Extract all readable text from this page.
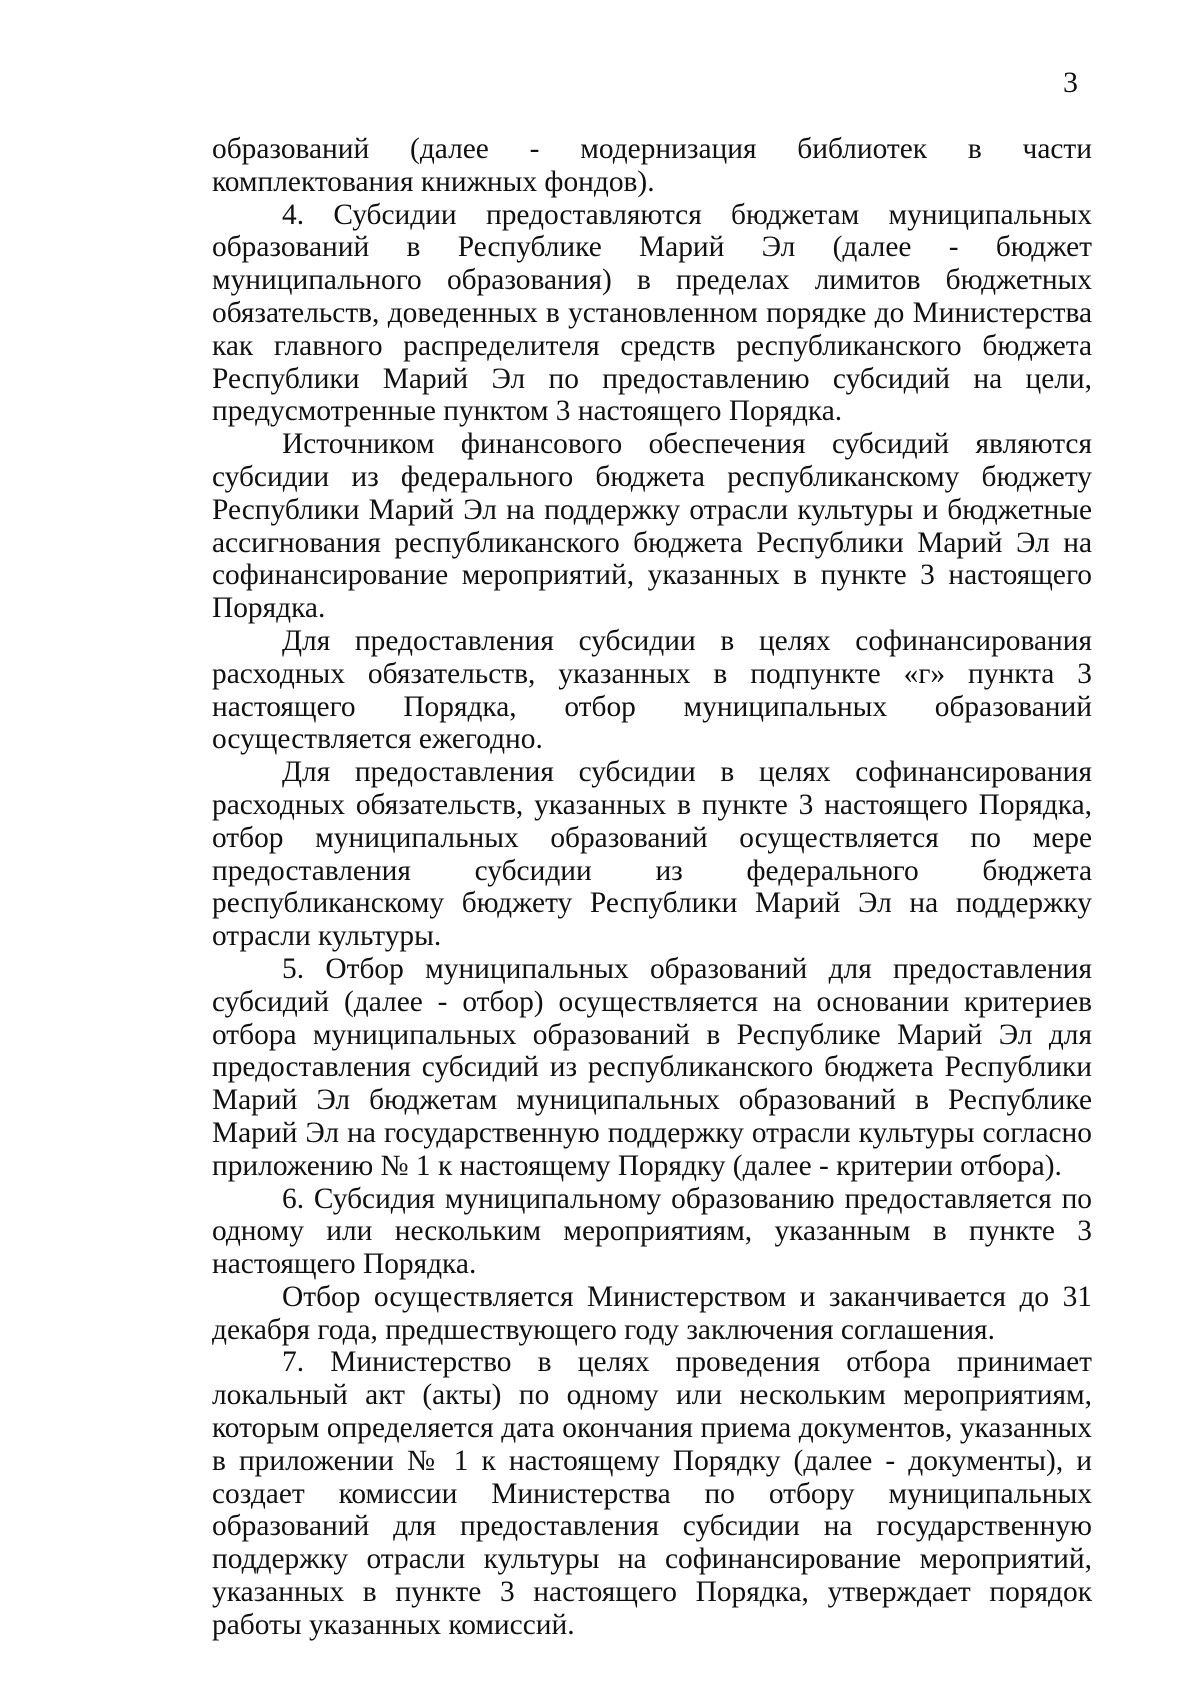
3

образований (далее - модернизация библиотек в части комплектования книжных фондов).

4. Субсидии предоставляются бюджетам муниципальных образований в Республике Марий Эл (далее - бюджет муниципального образования) в пределах лимитов бюджетных обязательств, доведенных в установленном порядке до Министерства как главного распределителя средств республиканского бюджета Республики Марий Эл по предоставлению субсидий на цели, предусмотренные пунктом 3 настоящего Порядка.

Источником финансового обеспечения субсидий являются субсидии из федерального бюджета республиканскому бюджету Республики Марий Эл на поддержку отрасли культуры и бюджетные ассигнования республиканского бюджета Республики Марий Эл на софинансирование мероприятий, указанных в пункте 3 настоящего Порядка.

Для предоставления субсидии в целях софинансирования расходных обязательств, указанных в подпункте «г» пункта 3 настоящего Порядка, отбор муниципальных образований осуществляется ежегодно.

Для предоставления субсидии в целях софинансирования расходных обязательств, указанных в пункте 3 настоящего Порядка, отбор муниципальных образований осуществляется по мере предоставления субсидии из федерального бюджета республиканскому бюджету Республики Марий Эл на поддержку отрасли культуры.

5. Отбор муниципальных образований для предоставления субсидий (далее - отбор) осуществляется на основании критериев отбора муниципальных образований в Республике Марий Эл для предоставления субсидий из республиканского бюджета Республики Марий Эл бюджетам муниципальных образований в Республике Марий Эл на государственную поддержку отрасли культуры согласно приложению № 1 к настоящему Порядку (далее - критерии отбора).

6. Субсидия муниципальному образованию предоставляется по одному или нескольким мероприятиям, указанным в пункте 3 настоящего Порядка.

Отбор осуществляется Министерством и заканчивается до 31 декабря года, предшествующего году заключения соглашения.

7. Министерство в целях проведения отбора принимает локальный акт (акты) по одному или нескольким мероприятиям, которым определяется дата окончания приема документов, указанных в приложении № 1 к настоящему Порядку (далее - документы), и создает комиссии Министерства по отбору муниципальных образований для предоставления субсидии на государственную поддержку отрасли культуры на софинансирование мероприятий, указанных в пункте 3 настоящего Порядка, утверждает порядок работы указанных комиссий.
